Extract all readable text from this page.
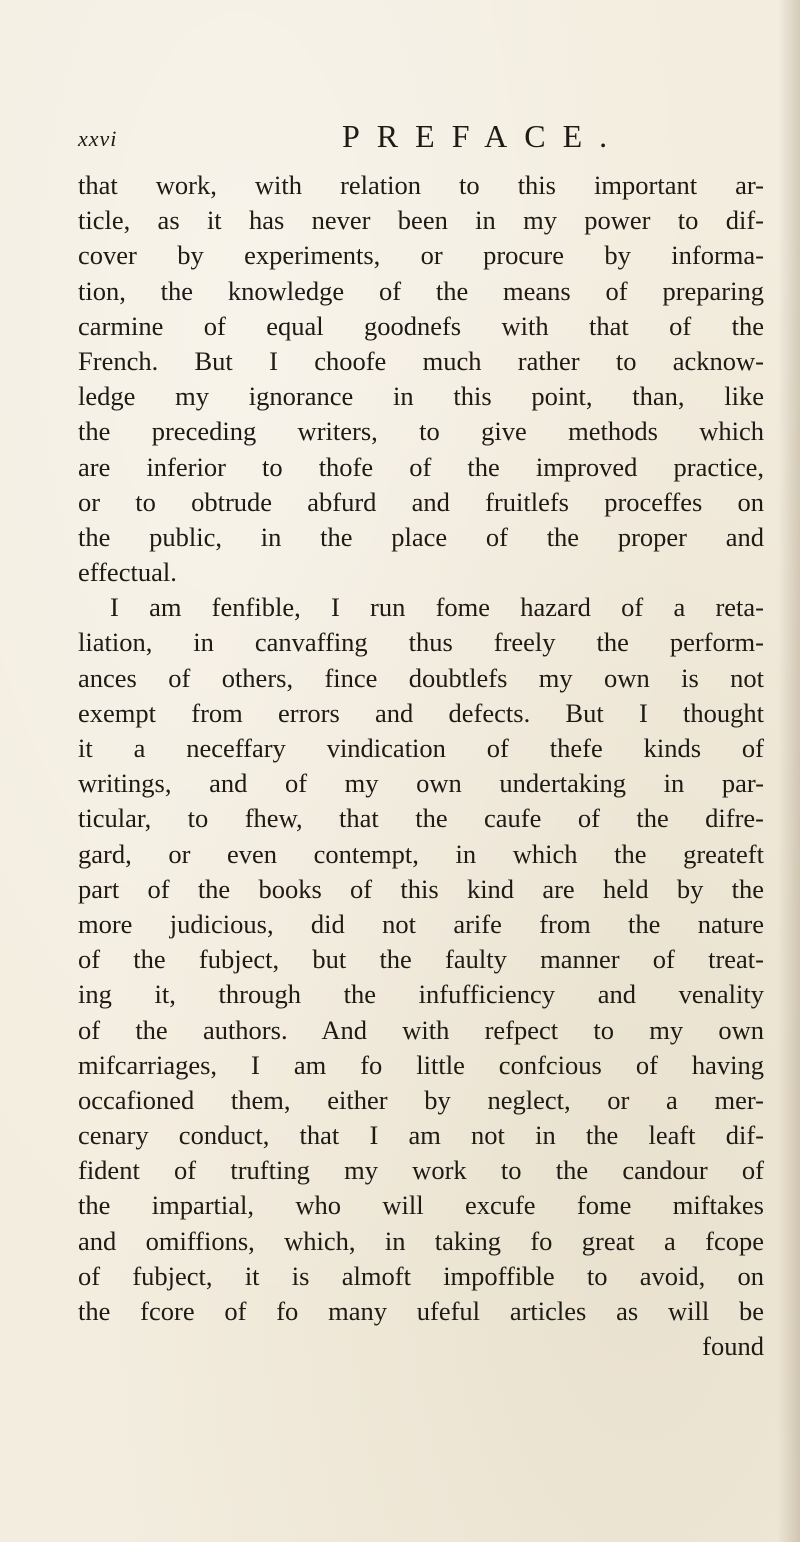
xxvi	PREFACE.
that work, with relation to this important ar-
ticle, as it has never been in my power to dif-
cover by experiments, or procure by informa-
tion, the knowledge of the means of preparing
carmine of equal goodnefs with that of the
French. But I choofe much rather to acknow-
ledge my ignorance in this point, than, like
the preceding writers, to give methods which
are inferior to thofe of the improved practice,
or to obtrude abfurd and fruitlefs proceffes on
the public, in the place of the proper and
effectual.
I am fenfible, I run fome hazard of a reta-
liation, in canvaffing thus freely the perform-
ances of others, fince doubtlefs my own is not
exempt from errors and defects. But I thought
it a neceffary vindication of thefe kinds of
writings, and of my own undertaking in par-
ticular, to fhew, that the caufe of the difre-
gard, or even contempt, in which the greateft
part of the books of this kind are held by the
more judicious, did not arife from the nature
of the fubject, but the faulty manner of treat-
ing it, through the infufficiency and venality
of the authors. And with refpect to my own
mifcarriages, I am fo little confcious of having
occafioned them, either by neglect, or a mer-
cenary conduct, that I am not in the leaft dif-
fident of trufting my work to the candour of
the impartial, who will excufe fome miftakes
and omiffions, which, in taking fo great a fcope
of fubject, it is almoft impoffible to avoid, on
the fcore of fo many ufeful articles as will be
found
